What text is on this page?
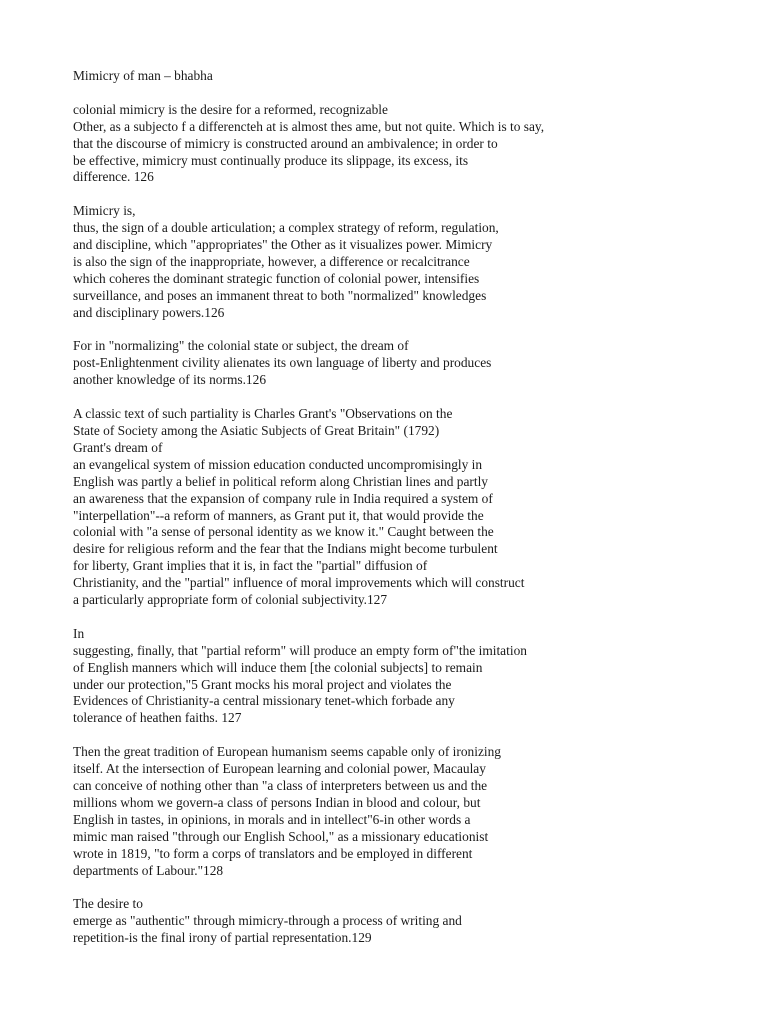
Mimicry of man – bhabha
colonial mimicry is the desire for a reformed, recognizable
Other, as a subjecto f a differencteh at is almost thes ame, but not quite. Which is to say,
that the discourse of mimicry is constructed around an ambivalence; in order to
be effective, mimicry must continually produce its slippage, its excess, its
difference. 126
Mimicry is,
thus, the sign of a double articulation; a complex strategy of reform, regulation,
and discipline, which "appropriates" the Other as it visualizes power. Mimicry
is also the sign of the inappropriate, however, a difference or recalcitrance
which coheres the dominant strategic function of colonial power, intensifies
surveillance, and poses an immanent threat to both "normalized" knowledges
and disciplinary powers.126
For in "normalizing" the colonial state or subject, the dream of
post-Enlightenment civility alienates its own language of liberty and produces
another knowledge of its norms.126
A classic text of such partiality is Charles Grant's "Observations on the
State of Society among the Asiatic Subjects of Great Britain" (1792)
Grant's dream of
an evangelical system of mission education conducted uncompromisingly in
English was partly a belief in political reform along Christian lines and partly
an awareness that the expansion of company rule in India required a system of
"interpellation"--a reform of manners, as Grant put it, that would provide the
colonial with "a sense of personal identity as we know it." Caught between the
desire for religious reform and the fear that the Indians might become turbulent
for liberty, Grant implies that it is, in fact the "partial" diffusion of
Christianity, and the "partial" influence of moral improvements which will construct
a particularly appropriate form of colonial subjectivity.127
In
suggesting, finally, that "partial reform" will produce an empty form of"the imitation
of English manners which will induce them [the colonial subjects] to remain
under our protection,"5 Grant mocks his moral project and violates the
Evidences of Christianity-a central missionary tenet-which forbade any
tolerance of heathen faiths. 127
Then the great tradition of European humanism seems capable only of ironizing
itself. At the intersection of European learning and colonial power, Macaulay
can conceive of nothing other than "a class of interpreters between us and the
millions whom we govern-a class of persons Indian in blood and colour, but
English in tastes, in opinions, in morals and in intellect"6-in other words a
mimic man raised "through our English School," as a missionary educationist
wrote in 1819, "to form a corps of translators and be employed in different
departments of Labour."128
The desire to
emerge as "authentic" through mimicry-through a process of writing and
repetition-is the final irony of partial representation.129
